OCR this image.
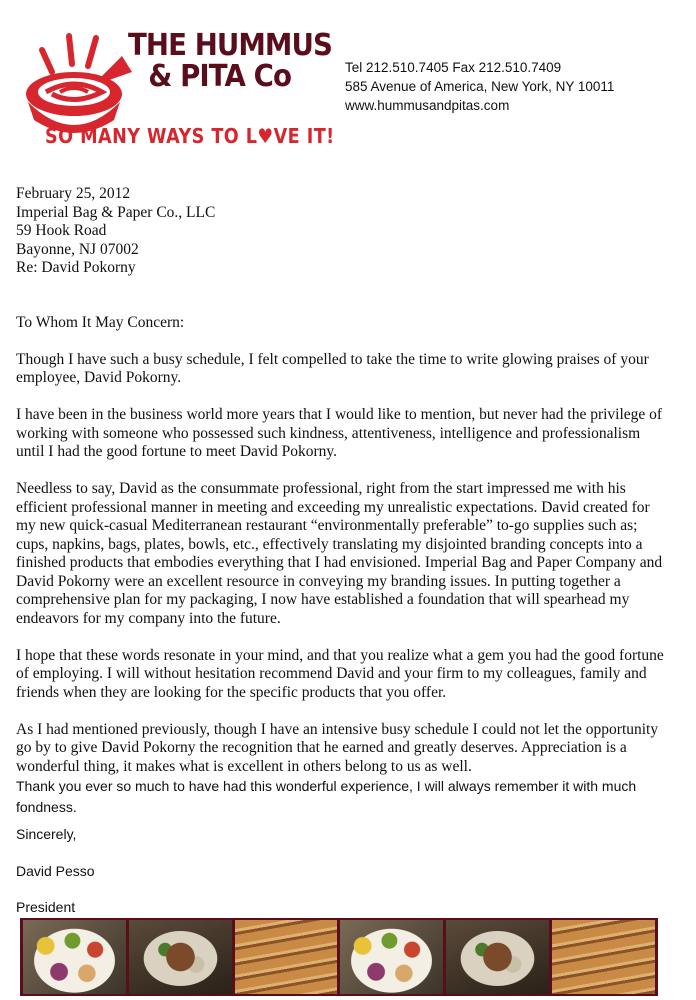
THE HUMMUS
& PITA Co
SO MANY WAYS TO L♥VE IT!
Tel 212.510.7405 Fax 212.510.7409
585 Avenue of America, New York, NY 10011
www.hummusandpitas.com
February 25, 2012
Imperial Bag & Paper Co., LLC
59 Hook Road
Bayonne, NJ 07002
Re: David Pokorny

To Whom It May Concern:

Though I have such a busy schedule, I felt compelled to take the time to write glowing praises of your employee, David Pokorny.

I have been in the business world more years that I would like to mention, but never had the privilege of working with someone who possessed such kindness, attentiveness, intelligence and professionalism until I had the good fortune to meet David Pokorny.

Needless to say, David as the consummate professional, right from the start impressed me with his efficient professional manner in meeting and exceeding my unrealistic expectations. David created for my new quick-casual Mediterranean restaurant “environmentally preferable” to-go supplies such as; cups, napkins, bags, plates, bowls, etc., effectively translating my disjointed branding concepts into a finished products that embodies everything that I had envisioned. Imperial Bag and Paper Company and David Pokorny were an excellent resource in conveying my branding issues. In putting together a comprehensive plan for my packaging, I now have established a foundation that will spearhead my endeavors for my company into the future.

I hope that these words resonate in your mind, and that you realize what a gem you had the good fortune of employing. I will without hesitation recommend David and your firm to my colleagues, family and friends when they are looking for the specific products that you offer.

As I had mentioned previously, though I have an intensive busy schedule I could not let the opportunity go by to give David Pokorny the recognition that he earned and greatly deserves. Appreciation is a wonderful thing, it makes what is excellent in others belong to us as well.

Thank you ever so much to have had this wonderful experience, I will always remember it with much fondness.

Sincerely,
David Pesso
President
